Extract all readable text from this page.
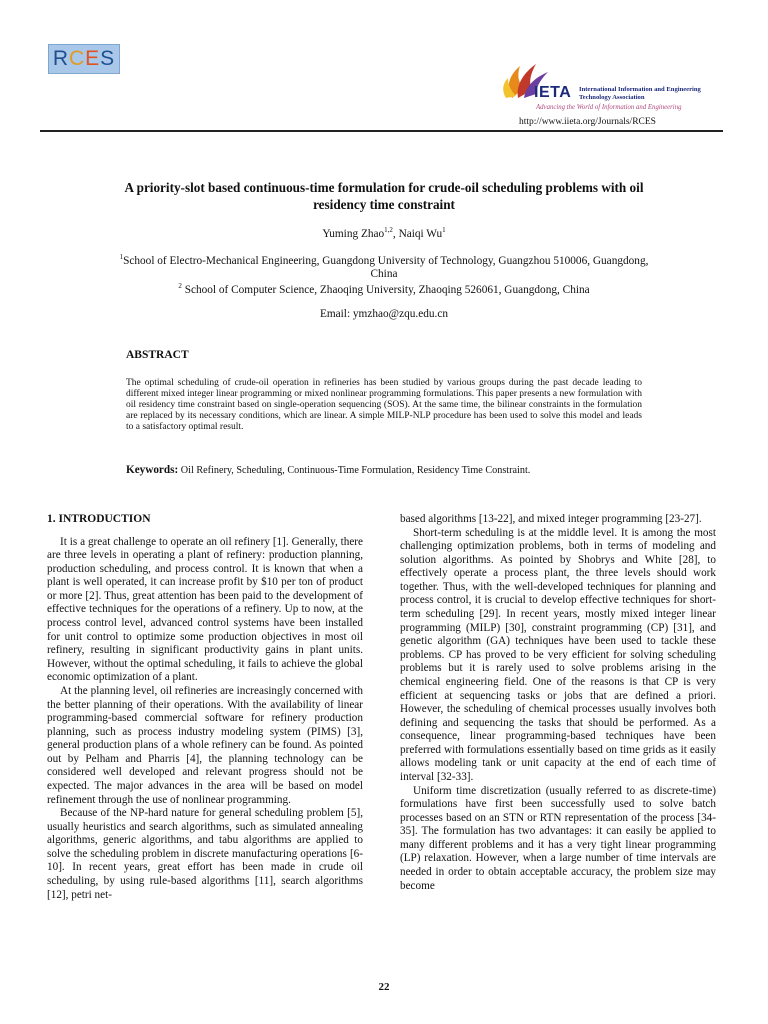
RCES
IETA International Information and Engineering Technology Association
Advancing the World of Information and Engineering
http://www.iieta.org/Journals/RCES
A priority-slot based continuous-time formulation for crude-oil scheduling problems with oil residency time constraint
Yuming Zhao$^{1,2}$, Naiqi Wu$^1$
$^1$School of Electro-Mechanical Engineering, Guangdong University of Technology, Guangzhou 510006, Guangdong, China
$^2$ School of Computer Science, Zhaoqing University, Zhaoqing 526061, Guangdong, China
Email: ymzhao@zqu.edu.cn
ABSTRACT
The optimal scheduling of crude-oil operation in refineries has been studied by various groups during the past decade leading to different mixed integer linear programming or mixed nonlinear programming formulations. This paper presents a new formulation with oil residency time constraint based on single-operation sequencing (SOS). At the same time, the bilinear constraints in the formulation are replaced by its necessary conditions, which are linear. A simple MILP-NLP procedure has been used to solve this model and leads to a satisfactory optimal result.
Keywords: Oil Refinery, Scheduling, Continuous-Time Formulation, Residency Time Constraint.
1. INTRODUCTION

It is a great challenge to operate an oil refinery [1]. Generally, there are three levels in operating a plant of refinery: production planning, production scheduling, and process control. It is known that when a plant is well operated, it can increase profit by $10 per ton of product or more [2]. Thus, great attention has been paid to the development of effective techniques for the operations of a refinery. Up to now, at the process control level, advanced control systems have been installed for unit control to optimize some production objectives in most oil refinery, resulting in significant productivity gains in plant units. However, without the optimal scheduling, it fails to achieve the global economic optimization of a plant.

At the planning level, oil refineries are increasingly concerned with the better planning of their operations. With the availability of linear programming-based commercial software for refinery production planning, such as process industry modeling system (PIMS) [3], general production plans of a whole refinery can be found. As pointed out by Pelham and Pharris [4], the planning technology can be considered well developed and relevant progress should not be expected. The major advances in the area will be based on model refinement through the use of nonlinear programming.

Because of the NP-hard nature for general scheduling problem [5], usually heuristics and search algorithms, such as simulated annealing algorithms, generic algorithms, and tabu algorithms are applied to solve the scheduling problem in discrete manufacturing operations [6-10]. In recent years, great effort has been made in crude oil scheduling, by using rule-based algorithms [11], search algorithms [12], petri net-

based algorithms [13-22], and mixed integer programming [23-27].

Short-term scheduling is at the middle level. It is among the most challenging optimization problems, both in terms of modeling and solution algorithms. As pointed by Shobrys and White [28], to effectively operate a process plant, the three levels should work together. Thus, with the well-developed techniques for planning and process control, it is crucial to develop effective techniques for short-term scheduling [29]. In recent years, mostly mixed integer linear programming (MILP) [30], constraint programming (CP) [31], and genetic algorithm (GA) techniques have been used to tackle these problems. CP has proved to be very efficient for solving scheduling problems but it is rarely used to solve problems arising in the chemical engineering field. One of the reasons is that CP is very efficient at sequencing tasks or jobs that are defined a priori. However, the scheduling of chemical processes usually involves both defining and sequencing the tasks that should be performed. As a consequence, linear programming-based techniques have been preferred with formulations essentially based on time grids as it easily allows modeling tank or unit capacity at the end of each time of interval [32-33].

Uniform time discretization (usually referred to as discrete-time) formulations have first been successfully used to solve batch processes based on an STN or RTN representation of the process [34-35]. The formulation has two advantages: it can easily be applied to many different problems and it has a very tight linear programming (LP) relaxation. However, when a large number of time intervals are needed in order to obtain acceptable accuracy, the problem size may become

22
